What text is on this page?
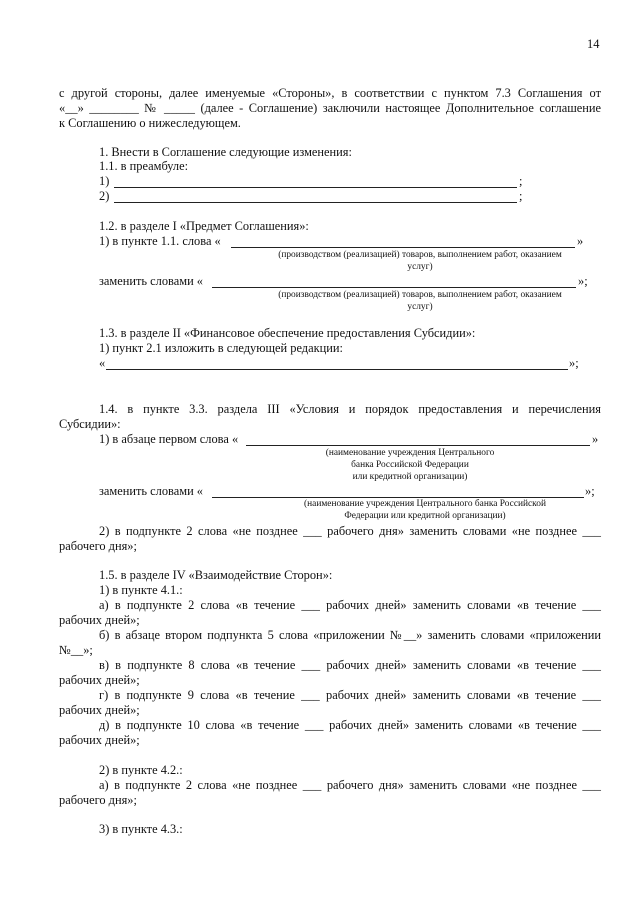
14
с другой стороны, далее именуемые «Стороны», в соответствии с пунктом 7.3 Соглашения от
«__» ________ № _____ (далее - Соглашение) заключили настоящее Дополнительное соглашение
к Соглашению о нижеследующем.
1. Внести в Соглашение следующие изменения:
1.1. в преамбуле:
1)	;
2)	;
1.2. в разделе I «Предмет Соглашения»:
1) в пункте 1.1. слова «	»
(производством (реализацией) товаров, выполнением работ, оказанием
услуг)
заменить словами «	»;
(производством (реализацией) товаров, выполнением работ, оказанием
услуг)
1.3. в разделе II «Финансовое обеспечение предоставления Субсидии»:
1) пункт 2.1 изложить в следующей редакции:
«	»;
1.4. в пункте 3.3. раздела III «Условия и порядок предоставления и перечисления
Субсидии»:
1) в абзаце первом слова «	»
(наименование учреждения Центрального
банка Российской Федерации
или кредитной организации)
заменить словами «	»;
(наименование учреждения Центрального банка Российской
Федерации или кредитной организации)
2) в подпункте 2 слова «не позднее ___ рабочего дня» заменить словами «не позднее ___
рабочего дня»;
1.5. в разделе IV «Взаимодействие Сторон»:
1) в пункте 4.1.:
а) в подпункте 2 слова «в течение ___ рабочих дней» заменить словами «в течение ___
рабочих дней»;
б) в абзаце втором подпункта 5 слова «приложении №__» заменить словами «приложении
№__»;
в) в подпункте 8 слова «в течение ___ рабочих дней» заменить словами «в течение ___
рабочих дней»;
г) в подпункте 9 слова «в течение ___ рабочих дней» заменить словами «в течение ___
рабочих дней»;
д) в подпункте 10 слова «в течение ___ рабочих дней» заменить словами «в течение ___
рабочих дней»;
2) в пункте 4.2.:
а) в подпункте 2 слова «не позднее ___ рабочего дня» заменить словами «не позднее ___
рабочего дня»;
3) в пункте 4.3.:
